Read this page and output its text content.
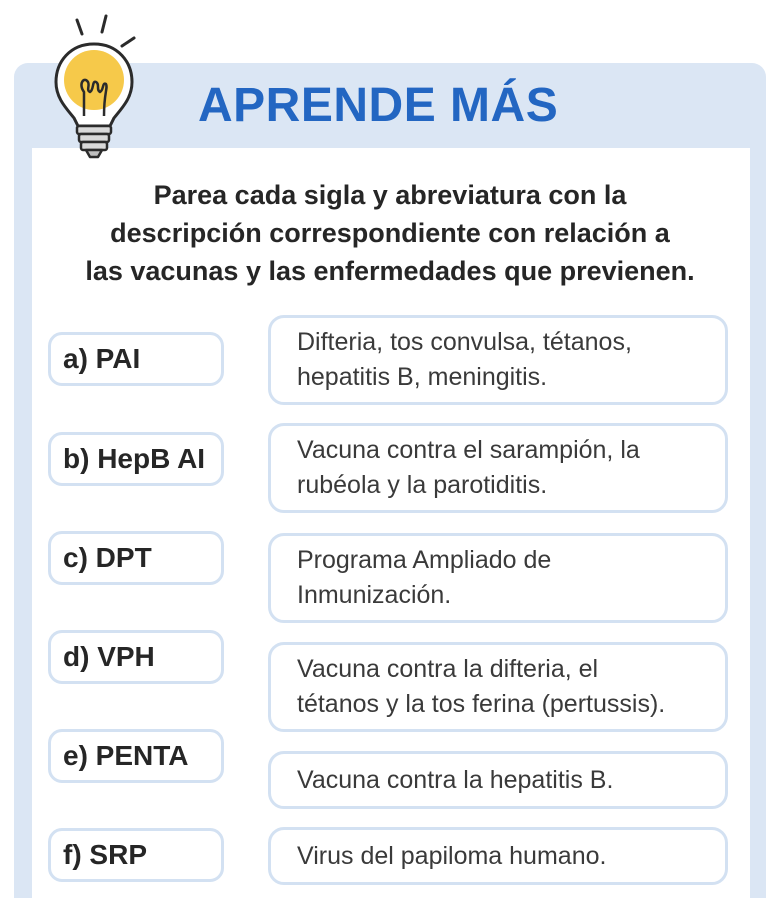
APRENDE MÁS
Parea cada sigla y abreviatura con la
descripción correspondiente con relación a
las vacunas y las enfermedades que previenen.
a) PAI
b) HepB AI
c) DPT
d) VPH
e) PENTA
f) SRP
Difteria, tos convulsa, tétanos,
hepatitis B, meningitis.
Vacuna contra el sarampión, la
rubéola y la parotiditis.
Programa Ampliado de
Inmunización.
Vacuna contra la difteria, el
tétanos y la tos ferina (pertussis).
Vacuna contra la hepatitis B.
Virus del papiloma humano.
